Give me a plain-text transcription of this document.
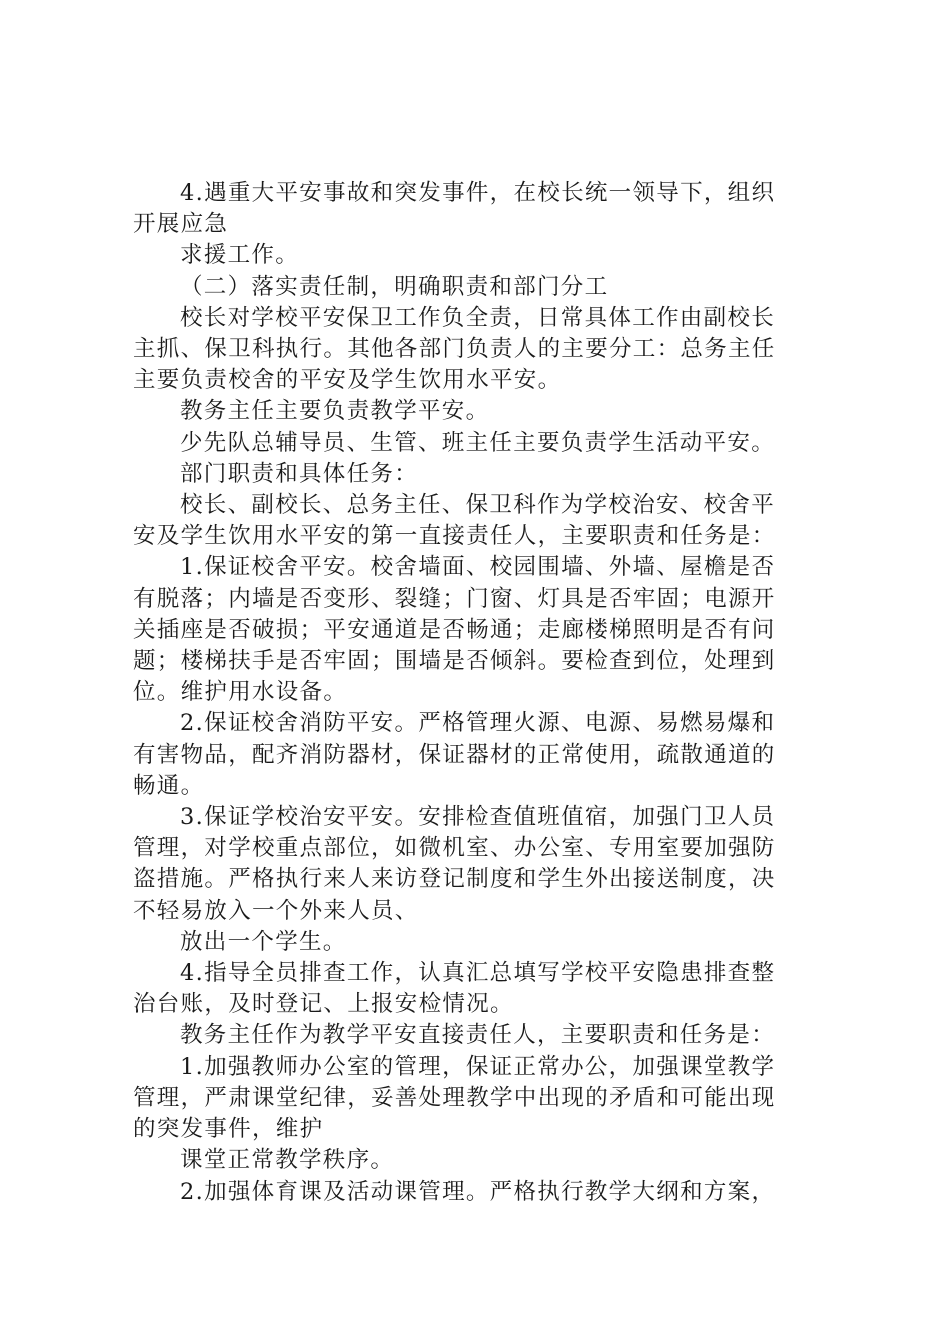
4.遇重大平安事故和突发事件，在校长统一领导下，组织
开展应急
求援工作。
（二）落实责任制，明确职责和部门分工
校长对学校平安保卫工作负全责，日常具体工作由副校长
主抓、保卫科执行。其他各部门负责人的主要分工：总务主任
主要负责校舍的平安及学生饮用水平安。
教务主任主要负责教学平安。
少先队总辅导员、生管、班主任主要负责学生活动平安。
部门职责和具体任务：
校长、副校长、总务主任、保卫科作为学校治安、校舍平
安及学生饮用水平安的第一直接责任人，主要职责和任务是：
1.保证校舍平安。校舍墙面、校园围墙、外墙、屋檐是否
有脱落；内墙是否变形、裂缝；门窗、灯具是否牢固；电源开
关插座是否破损；平安通道是否畅通；走廊楼梯照明是否有问
题；楼梯扶手是否牢固；围墙是否倾斜。要检查到位，处理到
位。维护用水设备。
2.保证校舍消防平安。严格管理火源、电源、易燃易爆和
有害物品，配齐消防器材，保证器材的正常使用，疏散通道的
畅通。
3.保证学校治安平安。安排检查值班值宿，加强门卫人员
管理，对学校重点部位，如微机室、办公室、专用室要加强防
盗措施。严格执行来人来访登记制度和学生外出接送制度，决
不轻易放入一个外来人员、
放出一个学生。
4.指导全员排查工作，认真汇总填写学校平安隐患排查整
治台账，及时登记、上报安检情况。
教务主任作为教学平安直接责任人，主要职责和任务是：
1.加强教师办公室的管理，保证正常办公，加强课堂教学
管理，严肃课堂纪律，妥善处理教学中出现的矛盾和可能出现
的突发事件，维护
课堂正常教学秩序。
2.加强体育课及活动课管理。严格执行教学大纲和方案，
